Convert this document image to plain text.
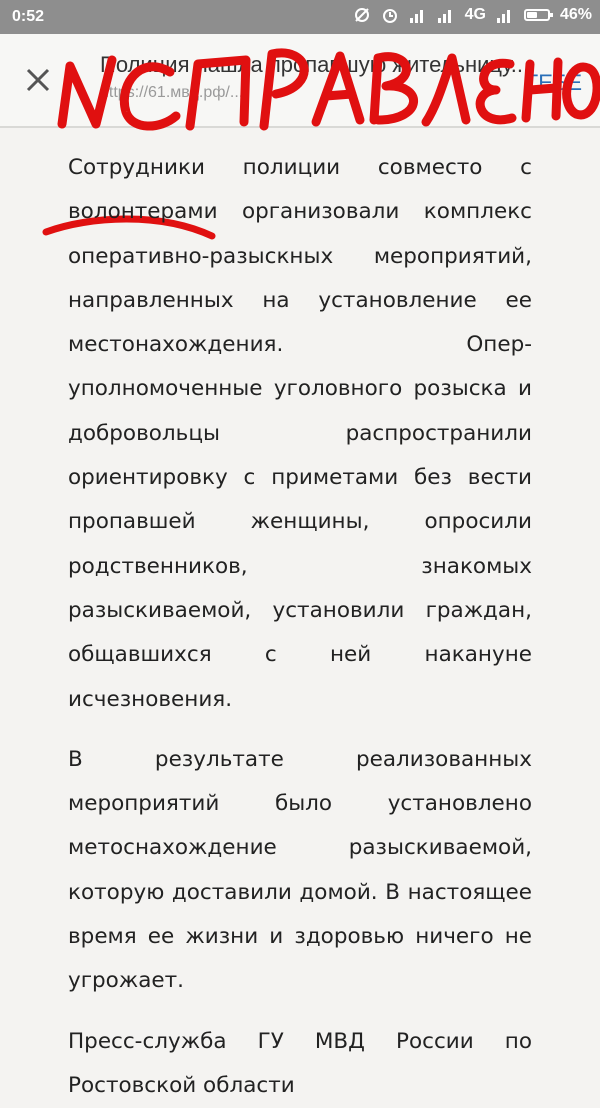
0:52	4G	46%
Полиция нашла пропавшую жительницу...
https://61.мвд.рф/...	ТЕБЕ

Сотрудники полиции совместо с волонтерами организовали комплекс оперативно-разыскных мероприятий, направленных на установление ее местонахождения. Оперуполномоченные уголовного розыска и добровольцы распространили ориентировку с приметами без вести пропавшей женщины, опросили родственников, знакомых разыскиваемой, установили граждан, общавшихся с ней накануне исчезновения.

В результате реализованных мероприятий было установлено метоснахождение разыскиваемой, которую доставили домой. В настоящее время ее жизни и здоровью ничего не угрожает.

Пресс-служба ГУ МВД России по Ростовской области
